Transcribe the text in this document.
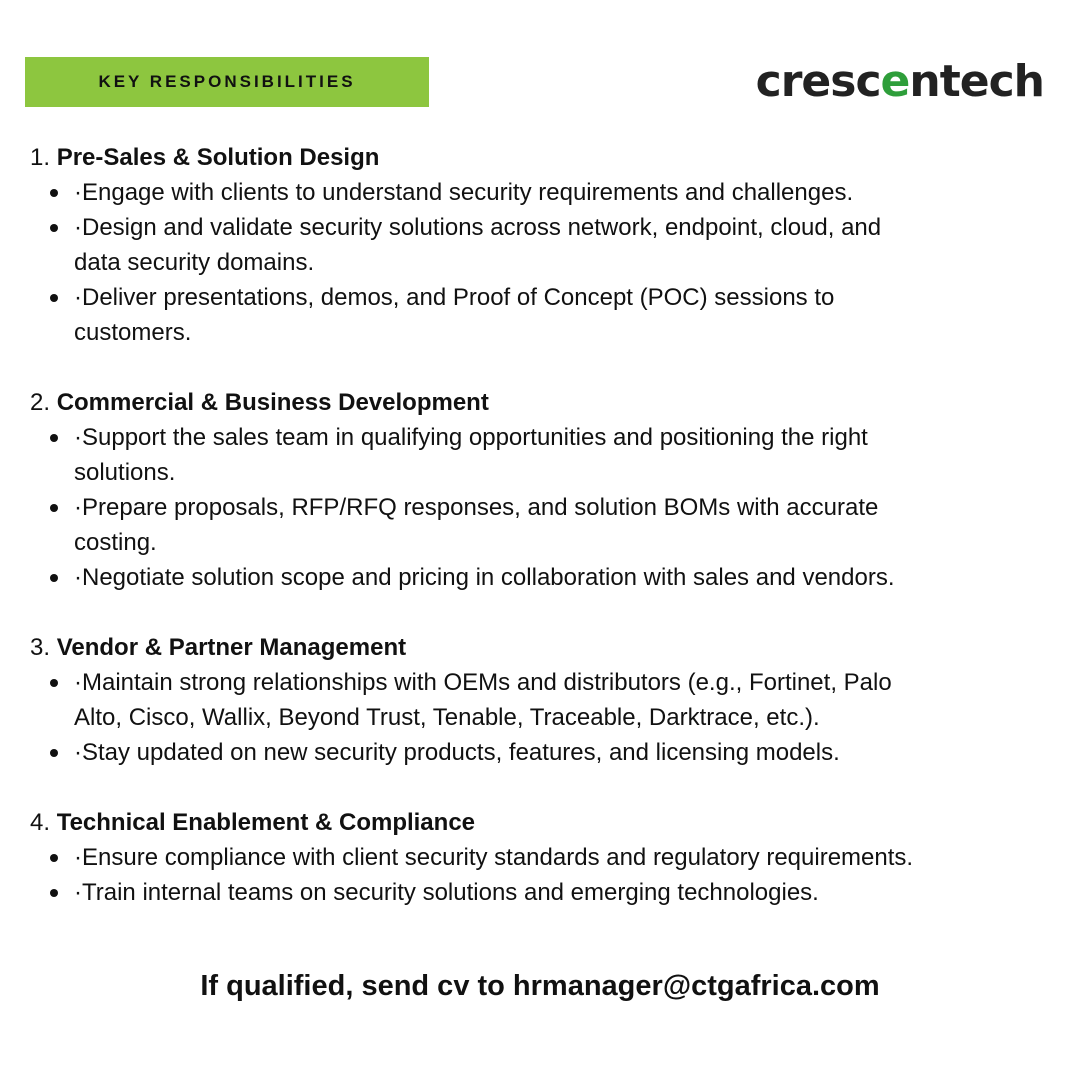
KEY RESPONSIBILITIES	crescentech
1. Pre-Sales & Solution Design
·Engage with clients to understand security requirements and challenges.
·Design and validate security solutions across network, endpoint, cloud, and
data security domains.
·Deliver presentations, demos, and Proof of Concept (POC) sessions to
customers.
2. Commercial & Business Development
·Support the sales team in qualifying opportunities and positioning the right
solutions.
·Prepare proposals, RFP/RFQ responses, and solution BOMs with accurate
costing.
·Negotiate solution scope and pricing in collaboration with sales and vendors.
3. Vendor & Partner Management
·Maintain strong relationships with OEMs and distributors (e.g., Fortinet, Palo
Alto, Cisco, Wallix, Beyond Trust, Tenable, Traceable, Darktrace, etc.).
·Stay updated on new security products, features, and licensing models.
4. Technical Enablement & Compliance
·Ensure compliance with client security standards and regulatory requirements.
·Train internal teams on security solutions and emerging technologies.
If qualified, send cv to hrmanager@ctgafrica.com
